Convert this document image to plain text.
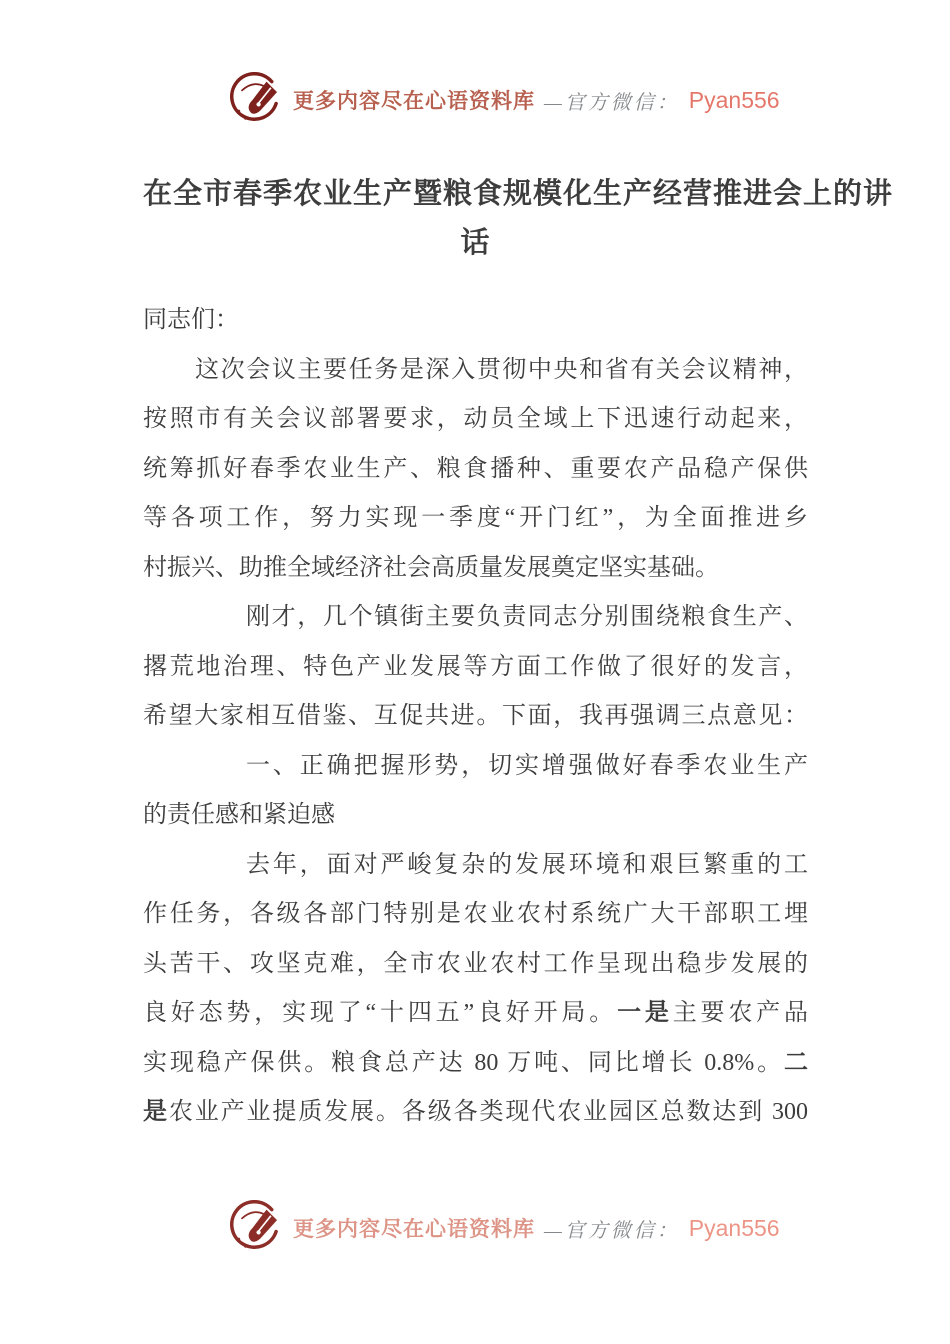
更多内容尽在心语资料库 —官方微信： Pyan556
在全市春季农业生产暨粮食规模化生产经营推进会上的讲
话
同志们：
这次会议主要任务是深入贯彻中央和省有关会议精神，
按照市有关会议部署要求，动员全域上下迅速行动起来，
统筹抓好春季农业生产、粮食播种、重要农产品稳产保供
等各项工作，努力实现一季度“开门红”，为全面推进乡
村振兴、助推全域经济社会高质量发展奠定坚实基础。
刚才，几个镇街主要负责同志分别围绕粮食生产、
撂荒地治理、特色产业发展等方面工作做了很好的发言，
希望大家相互借鉴、互促共进。下面，我再强调三点意见：
一、正确把握形势，切实增强做好春季农业生产
的责任感和紧迫感
去年，面对严峻复杂的发展环境和艰巨繁重的工
作任务，各级各部门特别是农业农村系统广大干部职工埋
头苦干、攻坚克难，全市农业农村工作呈现出稳步发展的
良好态势，实现了“十四五”良好开局。一是主要农产品
实现稳产保供。粮食总产达 80 万吨、同比增长 0.8%。二
是农业产业提质发展。各级各类现代农业园区总数达到 300
更多内容尽在心语资料库 —官方微信： Pyan556
